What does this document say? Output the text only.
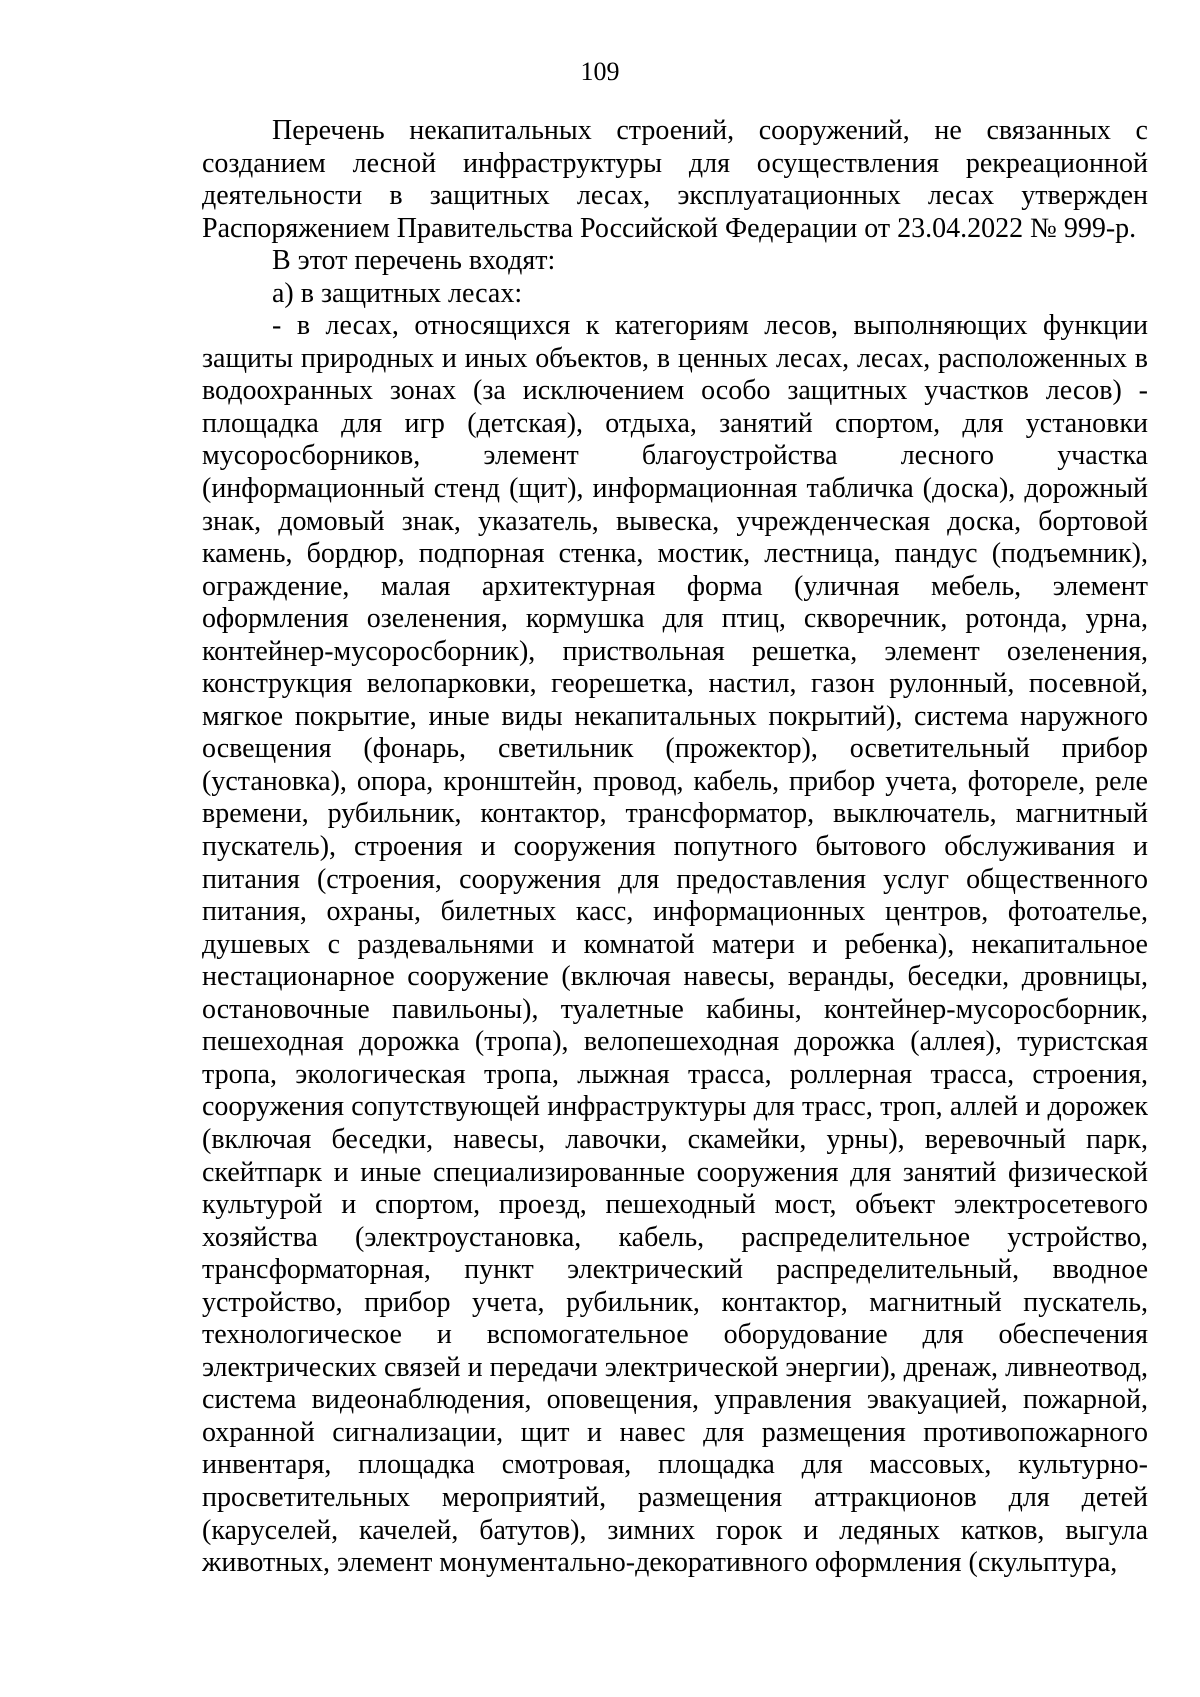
109

Перечень некапитальных строений, сооружений, не связанных с созданием лесной инфраструктуры для осуществления рекреационной деятельности в защитных лесах, эксплуатационных лесах утвержден Распоряжением Правительства Российской Федерации от 23.04.2022 № 999-р.

В этот перечень входят:

а) в защитных лесах:

- в лесах, относящихся к категориям лесов, выполняющих функции защиты природных и иных объектов, в ценных лесах, лесах, расположенных в водоохранных зонах (за исключением особо защитных участков лесов) - площадка для игр (детская), отдыха, занятий спортом, для установки мусоросборников, элемент благоустройства лесного участка (информационный стенд (щит), информационная табличка (доска), дорожный знак, домовый знак, указатель, вывеска, учрежденческая доска, бортовой камень, бордюр, подпорная стенка, мостик, лестница, пандус (подъемник), ограждение, малая архитектурная форма (уличная мебель, элемент оформления озеленения, кормушка для птиц, скворечник, ротонда, урна, контейнер-мусоросборник), приствольная решетка, элемент озеленения, конструкция велопарковки, георешетка, настил, газон рулонный, посевной, мягкое покрытие, иные виды некапитальных покрытий), система наружного освещения (фонарь, светильник (прожектор), осветительный прибор (установка), опора, кронштейн, провод, кабель, прибор учета, фотореле, реле времени, рубильник, контактор, трансформатор, выключатель, магнитный пускатель), строения и сооружения попутного бытового обслуживания и питания (строения, сооружения для предоставления услуг общественного питания, охраны, билетных касс, информационных центров, фотоателье, душевых с раздевальнями и комнатой матери и ребенка), некапитальное нестационарное сооружение (включая навесы, веранды, беседки, дровницы, остановочные павильоны), туалетные кабины, контейнер-мусоросборник, пешеходная дорожка (тропа), велопешеходная дорожка (аллея), туристская тропа, экологическая тропа, лыжная трасса, роллерная трасса, строения, сооружения сопутствующей инфраструктуры для трасс, троп, аллей и дорожек (включая беседки, навесы, лавочки, скамейки, урны), веревочный парк, скейтпарк и иные специализированные сооружения для занятий физической культурой и спортом, проезд, пешеходный мост, объект электросетевого хозяйства (электроустановка, кабель, распределительное устройство, трансформаторная, пункт электрический распределительный, вводное устройство, прибор учета, рубильник, контактор, магнитный пускатель, технологическое и вспомогательное оборудование для обеспечения электрических связей и передачи электрической энергии), дренаж, ливнеотвод, система видеонаблюдения, оповещения, управления эвакуацией, пожарной, охранной сигнализации, щит и навес для размещения противопожарного инвентаря, площадка смотровая, площадка для массовых, культурно-просветительных мероприятий, размещения аттракционов для детей (каруселей, качелей, батутов), зимних горок и ледяных катков, выгула животных, элемент монументально-декоративного оформления (скульптура,
